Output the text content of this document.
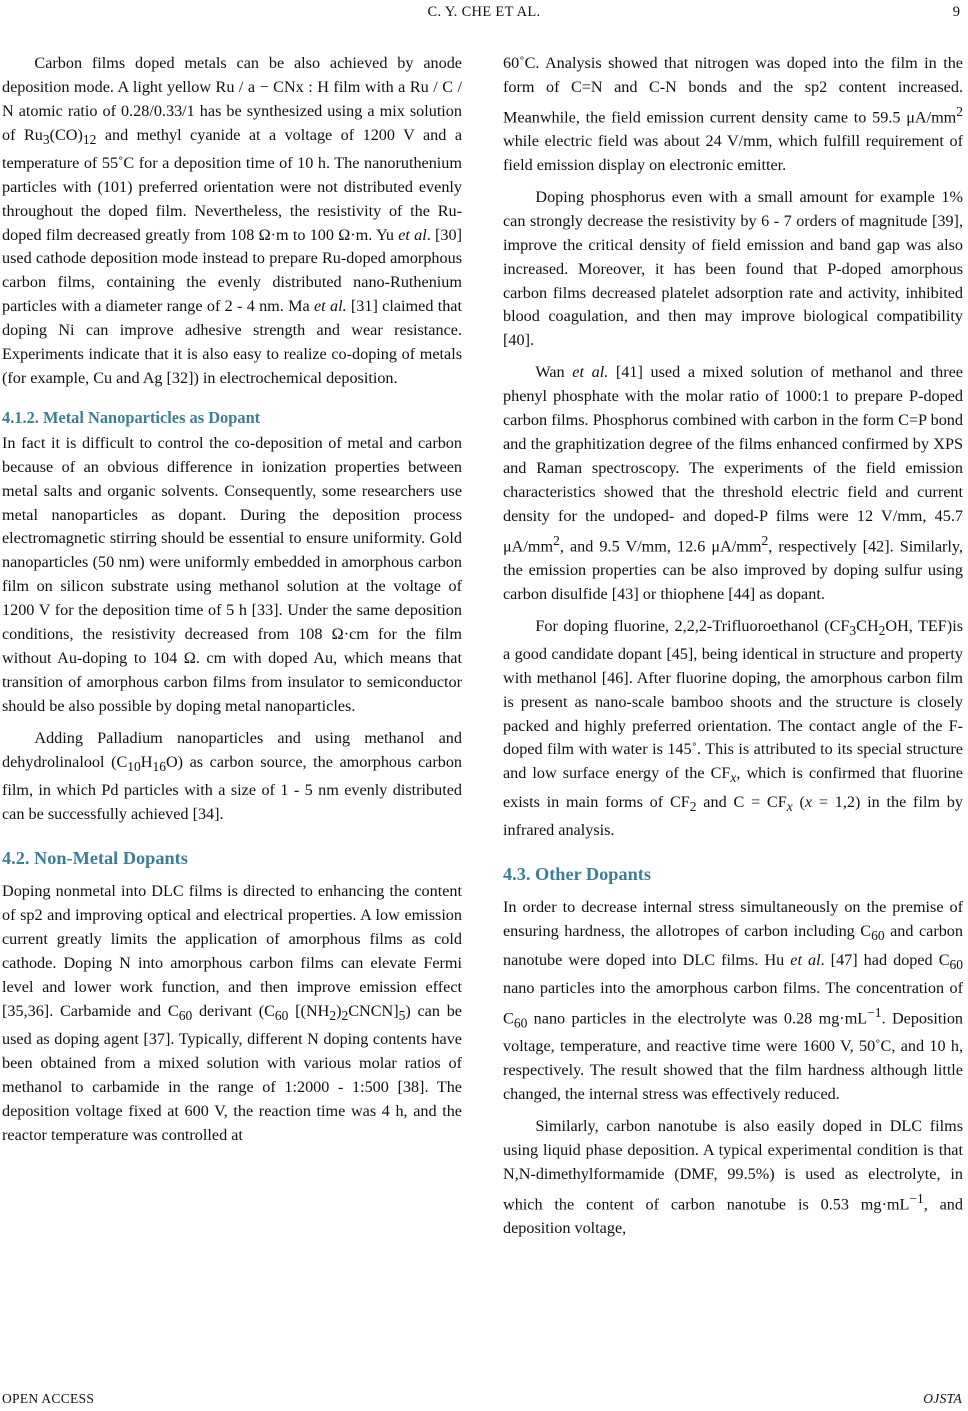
C. Y. CHE ET AL.	9

Carbon films doped metals can be also achieved by anode deposition mode. A light yellow Ru / a − CNx : H film with a Ru / C / N atomic ratio of 0.28/0.33/1 has be synthesized using a mix solution of $Ru_3(CO)_{12}$ and methyl cyanide at a voltage of 1200 V and a temperature of 55˚C for a deposition time of 10 h. The nanoruthenium particles with (101) preferred orientation were not distributed evenly throughout the doped film. Nevertheless, the resistivity of the Ru-doped film decreased greatly from 108 Ω·m to 100 Ω·m. Yu et al. [30] used cathode deposition mode instead to prepare Ru-doped amorphous carbon films, containing the evenly distributed nano-Ruthenium particles with a diameter range of 2 - 4 nm. Ma et al. [31] claimed that doping Ni can improve adhesive strength and wear resistance. Experiments indicate that it is also easy to realize co-doping of metals (for example, Cu and Ag [32]) in electrochemical deposition.

4.1.2. Metal Nanoparticles as Dopant

In fact it is difficult to control the co-deposition of metal and carbon because of an obvious difference in ionization properties between metal salts and organic solvents. Consequently, some researchers use metal nanoparticles as dopant. During the deposition process electromagnetic stirring should be essential to ensure uniformity. Gold nanoparticles (50 nm) were uniformly embedded in amorphous carbon film on silicon substrate using methanol solution at the voltage of 1200 V for the deposition time of 5 h [33]. Under the same deposition conditions, the resistivity decreased from 108 Ω·cm for the film without Au-doping to 104 Ω. cm with doped Au, which means that transition of amorphous carbon films from insulator to semiconductor should be also possible by doping metal nanoparticles.

Adding Palladium nanoparticles and using methanol and dehydrolinalool $(C_{10}H_{16}O)$ as carbon source, the amorphous carbon film, in which Pd particles with a size of 1 - 5 nm evenly distributed can be successfully achieved [34].

4.2. Non-Metal Dopants

Doping nonmetal into DLC films is directed to enhancing the content of sp2 and improving optical and electrical properties. A low emission current greatly limits the application of amorphous films as cold cathode. Doping N into amorphous carbon films can elevate Fermi level and lower work function, and then improve emission effect [35,36]. Carbamide and $C_{60}$ derivant ($C_{60}$ $[(NH_2)_2CNCN]_5$) can be used as doping agent [37]. Typically, different N doping contents have been obtained from a mixed solution with various molar ratios of methanol to carbamide in the range of 1:2000 - 1:500 [38]. The deposition voltage fixed at 600 V, the reaction time was 4 h, and the reactor temperature was controlled at

60˚C. Analysis showed that nitrogen was doped into the film in the form of C=N and C-N bonds and the sp2 content increased. Meanwhile, the field emission current density came to 59.5 $\mu A/mm^2$ while electric field was about 24 V/mm, which fulfill requirement of field emission display on electronic emitter.

Doping phosphorus even with a small amount for example 1% can strongly decrease the resistivity by 6 - 7 orders of magnitude [39], improve the critical density of field emission and band gap was also increased. Moreover, it has been found that P-doped amorphous carbon films decreased platelet adsorption rate and activity, inhibited blood coagulation, and then may improve biological compatibility [40].

Wan et al. [41] used a mixed solution of methanol and three phenyl phosphate with the molar ratio of 1000:1 to prepare P-doped carbon films. Phosphorus combined with carbon in the form C=P bond and the graphitization degree of the films enhanced confirmed by XPS and Raman spectroscopy. The experiments of the field emission characteristics showed that the threshold electric field and current density for the undoped- and doped-P films were 12 V/mm, 45.7 $\mu A/mm^2$, and 9.5 V/mm, 12.6 $\mu A/mm^2$, respectively [42]. Similarly, the emission properties can be also improved by doping sulfur using carbon disulfide [43] or thiophene [44] as dopant.

For doping fluorine, 2,2,2-Trifluoroethanol ($CF_3CH_2OH$, TEF)is a good candidate dopant [45], being identical in structure and property with methanol [46]. After fluorine doping, the amorphous carbon film is present as nano-scale bamboo shoots and the structure is closely packed and highly preferred orientation. The contact angle of the F-doped film with water is 145˚. This is attributed to its special structure and low surface energy of the $CF_x$, which is confirmed that fluorine exists in main forms of $CF_2$ and $C = CF_x$ (x = 1,2) in the film by infrared analysis.

4.3. Other Dopants

In order to decrease internal stress simultaneously on the premise of ensuring hardness, the allotropes of carbon including $C_{60}$ and carbon nanotube were doped into DLC films. Hu et al. [47] had doped $C_{60}$ nano particles into the amorphous carbon films. The concentration of $C_{60}$ nano particles in the electrolyte was 0.28 $mg\cdot mL^{-1}$. Deposition voltage, temperature, and reactive time were 1600 V, 50˚C, and 10 h, respectively. The result showed that the film hardness although little changed, the internal stress was effectively reduced.

Similarly, carbon nanotube is also easily doped in DLC films using liquid phase deposition. A typical experimental condition is that N,N-dimethylformamide (DMF, 99.5%) is used as electrolyte, in which the content of carbon nanotube is 0.53 $mg\cdot mL^{-1}$, and deposition voltage,

OPEN ACCESS	OJSTA
